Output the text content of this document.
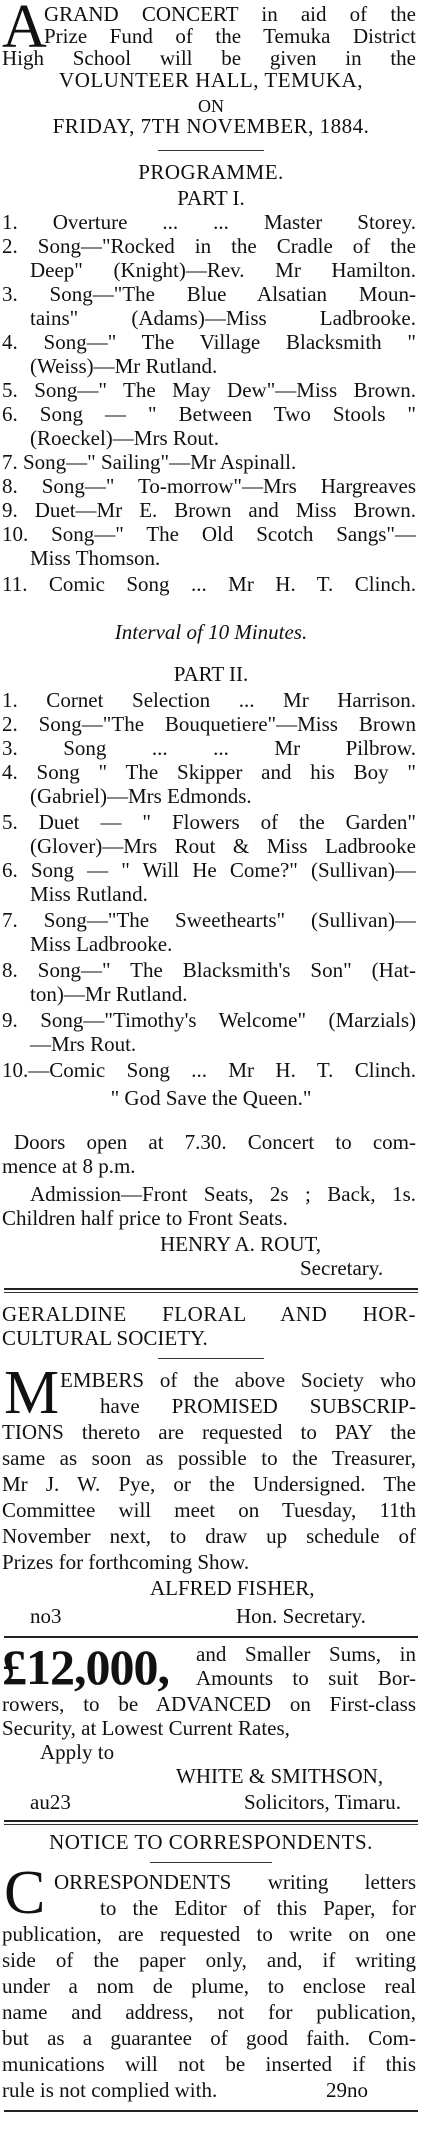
A
GRAND CONCERT in aid of the
Prize Fund of the Temuka District
High School will be given in the
VOLUNTEER HALL, TEMUKA,
ON
FRIDAY, 7TH NOVEMBER, 1884.
PROGRAMME.
PART I.
1. Overture ... ... Master Storey.
2. Song—"Rocked in the Cradle of the
Deep" (Knight)—Rev. Mr Hamilton.
3. Song—"The Blue Alsatian Moun-
tains" (Adams)—Miss Ladbrooke.
4. Song—" The Village Blacksmith "
(Weiss)—Mr Rutland.
5. Song—" The May Dew"—Miss Brown.
6. Song — " Between Two Stools "
(Roeckel)—Mrs Rout.
7. Song—" Sailing"—Mr Aspinall.
8. Song—" To-morrow"—Mrs Hargreaves
9. Duet—Mr E. Brown and Miss Brown.
10. Song—" The Old Scotch Sangs"—
Miss Thomson.
11. Comic Song ... Mr H. T. Clinch.
Interval of 10 Minutes.
PART II.
1. Cornet Selection ... Mr Harrison.
2. Song—"The Bouquetiere"—Miss Brown
3. Song ... ... Mr Pilbrow.
4. Song " The Skipper and his Boy "
(Gabriel)—Mrs Edmonds.
5. Duet — " Flowers of the Garden"
(Glover)—Mrs Rout & Miss Ladbrooke
6. Song — " Will He Come?" (Sullivan)—
Miss Rutland.
7. Song—"The Sweethearts" (Sullivan)—
Miss Ladbrooke.
8. Song—" The Blacksmith's Son" (Hat-
ton)—Mr Rutland.
9. Song—"Timothy's Welcome" (Marzials)
—Mrs Rout.
10.—Comic Song ... Mr H. T. Clinch.
" God Save the Queen."
Doors open at 7.30. Concert to com-
mence at 8 p.m.
Admission—Front Seats, 2s ; Back, 1s.
Children half price to Front Seats.
HENRY A. ROUT,
Secretary.
GERALDINE FLORAL AND HOR-
CULTURAL SOCIETY.
M EMBERS of the above Society who
have PROMISED SUBSCRIP-
TIONS thereto are requested to PAY the
same as soon as possible to the Treasurer,
Mr J. W. Pye, or the Undersigned. The
Committee will meet on Tuesday, 11th
November next, to draw up schedule of
Prizes for forthcoming Show.
ALFRED FISHER,
no3	Hon. Secretary.
£12,000, and Smaller Sums, in
Amounts to suit Bor-
rowers, to be ADVANCED on First-class
Security, at Lowest Current Rates,
Apply to
WHITE & SMITHSON,
au23	Solicitors, Timaru.
NOTICE TO CORRESPONDENTS.
C ORRESPONDENTS writing letters
to the Editor of this Paper, for
publication, are requested to write on one
side of the paper only, and, if writing
under a nom de plume, to enclose real
name and address, not for publication,
but as a guarantee of good faith. Com-
munications will not be inserted if this
rule is not complied with.	29no
